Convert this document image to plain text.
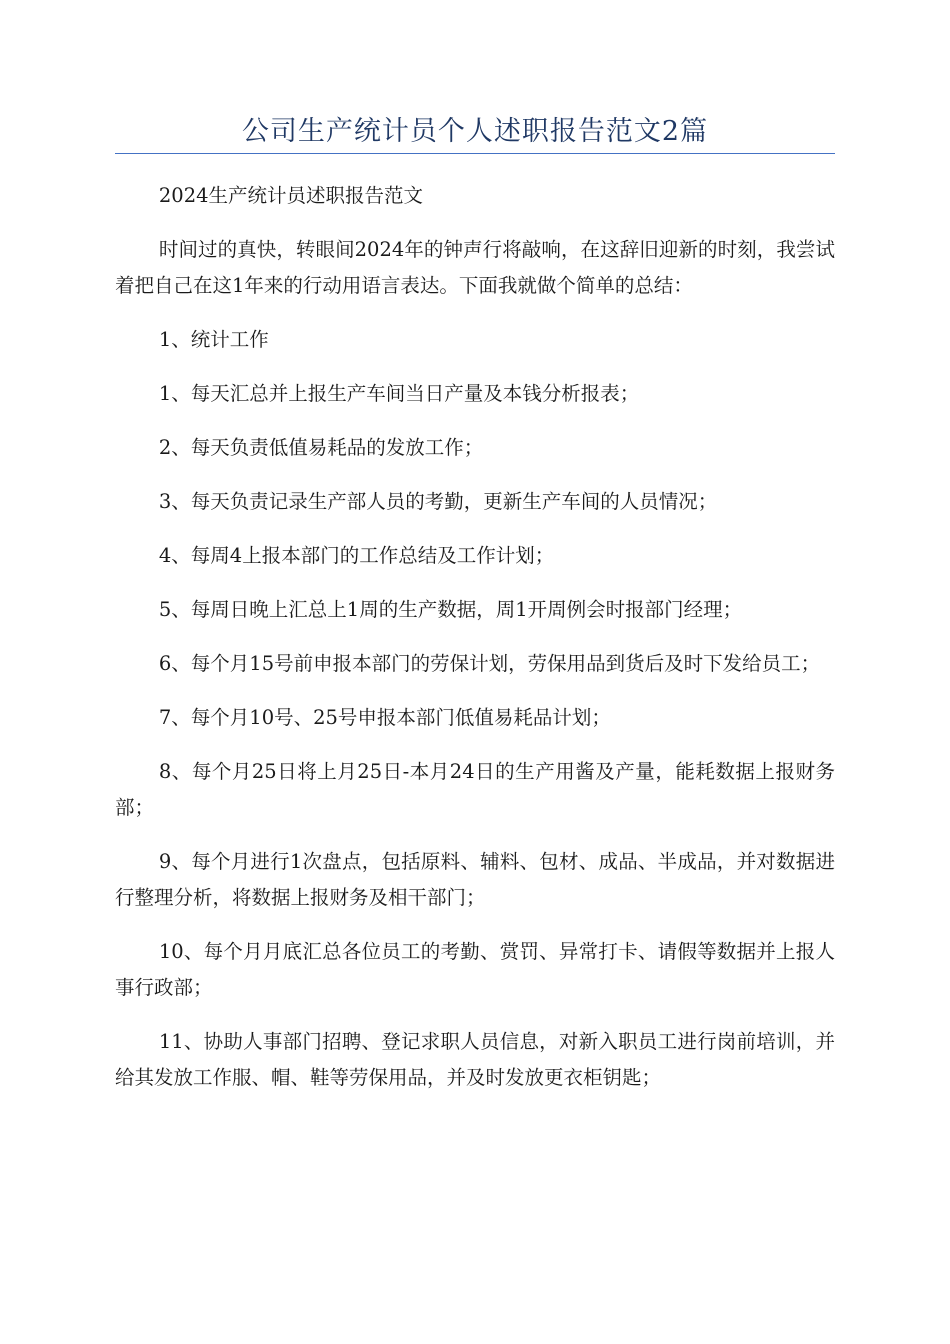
公司生产统计员个人述职报告范文2篇

2024生产统计员述职报告范文

时间过的真快，转眼间2024年的钟声行将敲响，在这辞旧迎新的时刻，我尝试着把自己在这1年来的行动用语言表达。下面我就做个简单的总结：

1、统计工作

1、每天汇总并上报生产车间当日产量及本钱分析报表；

2、每天负责低值易耗品的发放工作；

3、每天负责记录生产部人员的考勤，更新生产车间的人员情况；

4、每周4上报本部门的工作总结及工作计划；

5、每周日晚上汇总上1周的生产数据，周1开周例会时报部门经理；

6、每个月15号前申报本部门的劳保计划，劳保用品到货后及时下发给员工；

7、每个月10号、25号申报本部门低值易耗品计划；

8、每个月25日将上月25日-本月24日的生产用酱及产量，能耗数据上报财务部；

9、每个月进行1次盘点，包括原料、辅料、包材、成品、半成品，并对数据进行整理分析，将数据上报财务及相干部门；

10、每个月月底汇总各位员工的考勤、赏罚、异常打卡、请假等数据并上报人事行政部；

11、协助人事部门招聘、登记求职人员信息，对新入职员工进行岗前培训，并给其发放工作服、帽、鞋等劳保用品，并及时发放更衣柜钥匙；
